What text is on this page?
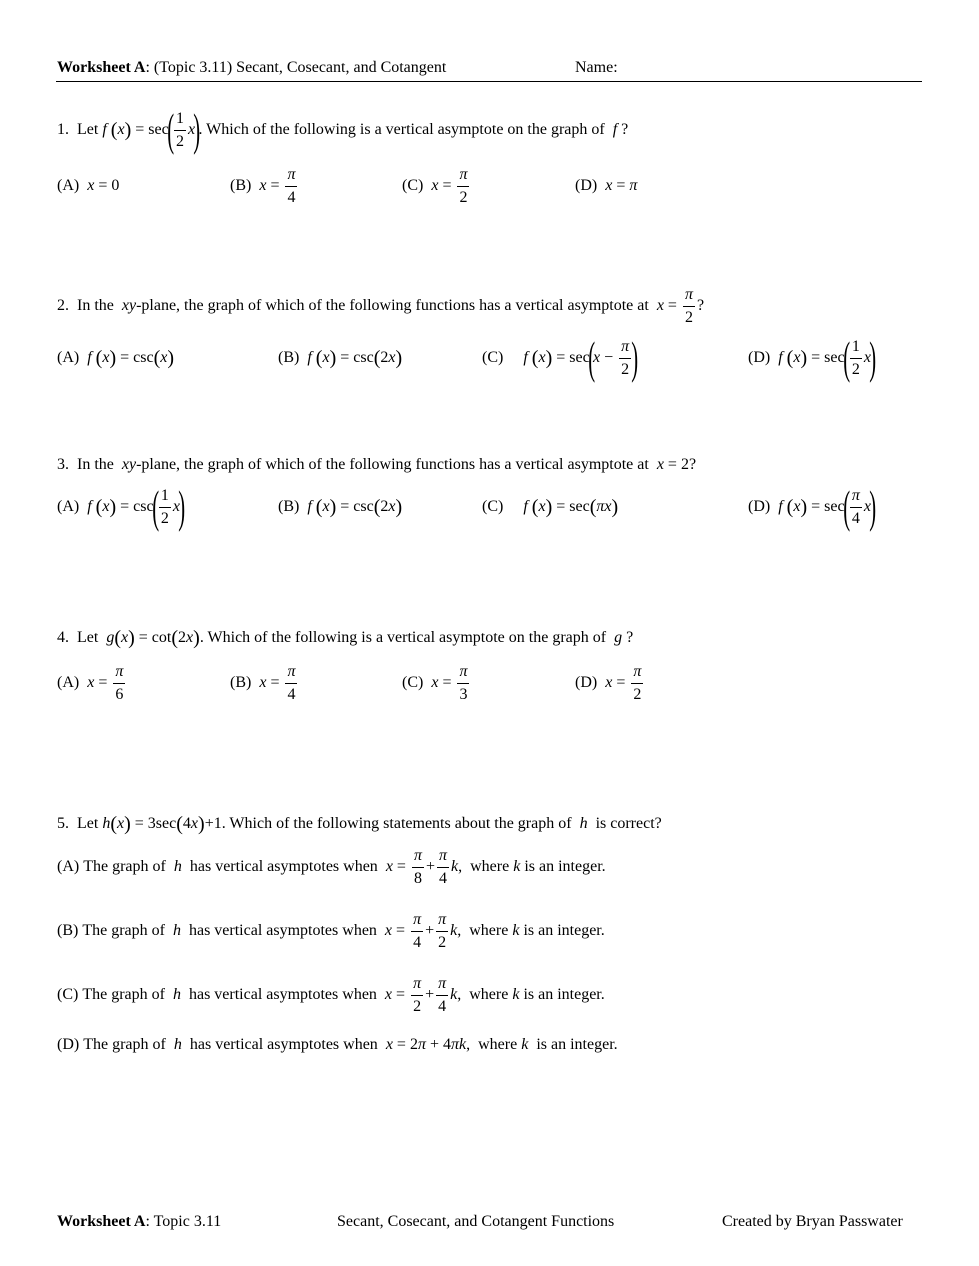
Worksheet A: (Topic 3.11) Secant, Cosecant, and Cotangent	Name:
1.
Let
f
( x ) = sec
( 1
2
x
)
. Which of the following is a vertical asymptote on the graph of
f
?
(A)
x = 0	(B)
x =
π
4
(C)
x =
π
2
(D)
x = π
2.
In the
xy -plane, the graph of which of the following functions has a vertical asymptote at
x =
π
2
?
(A)
f
( x ) = csc ( x )	(B)
f
( x ) = csc ( 2 x )	(C)
f
( x ) = sec
(
x −
π
2 )	(D)
f
( x ) = sec
( 1
2
x
)
3.
In the
xy -plane, the graph of which of the following functions has a vertical asymptote at
x = 2 ?
(A)
f
( x ) = csc
( 1
2
x
)	(B)
f
( x ) = csc ( 2 x )	(C)
f
( x ) = sec ( πx )	(D)
f
( x ) = sec
( π
4
x
)
4.
Let
g ( x ) = cot ( 2 x ) . Which of the following is a vertical asymptote on the graph of
g
?
(A)
x =
π
6
(B)
x =
π
4
(C)
x =
π
3
(D)
x =
π
2
5.
Let
h ( x ) = 3sec ( 4 x ) +1 . Which of the following statements about the graph of
h
is correct?
(A)
The graph of
h
has vertical asymptotes when
x =
π
8
+
π
4
k , where
k
is an integer.
(B)
The graph of
h
has vertical asymptotes when
x =
π
4
+
π
2
k , where
k
is an integer.
(C)
The graph of
h
has vertical asymptotes when
x =
π
2
+
π
4
k , where
k
is an integer.
(D)
The graph of
h
has vertical asymptotes when
x = 2 π + 4 πk , where
k
is an integer.
Worksheet A: Topic 3.11	Secant, Cosecant, and Cotangent Functions	Created by Bryan Passwater
